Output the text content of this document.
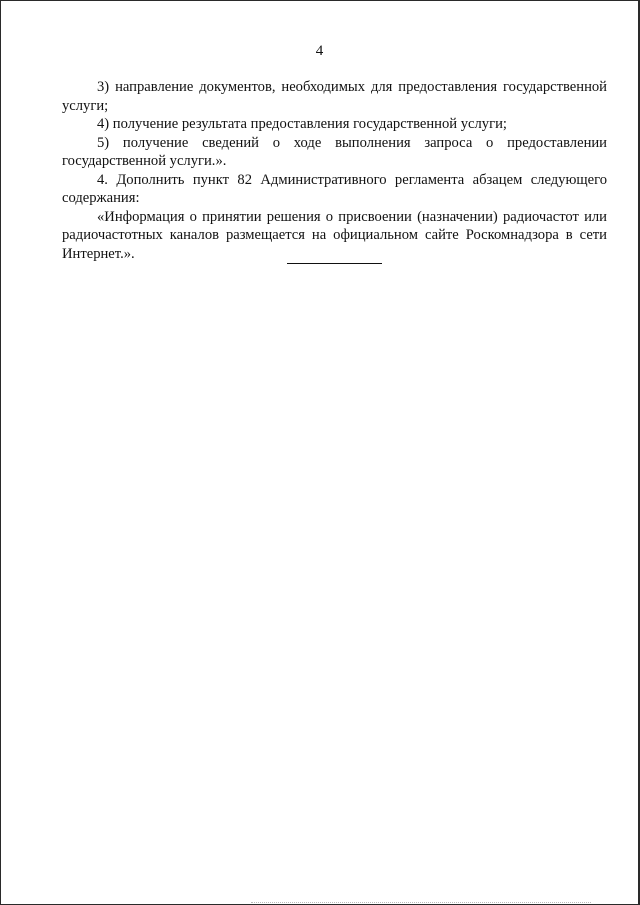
4

3) направление документов, необходимых для предоставления государственной услуги;

4) получение результата предоставления государственной услуги;

5) получение сведений о ходе выполнения запроса о предоставлении государственной услуги.».

4. Дополнить пункт 82 Административного регламента абзацем следующего содержания:

«Информация о принятии решения о присвоении (назначении) радиочастот или радиочастотных каналов размещается на официальном сайте Роскомнадзора в сети Интернет.».
